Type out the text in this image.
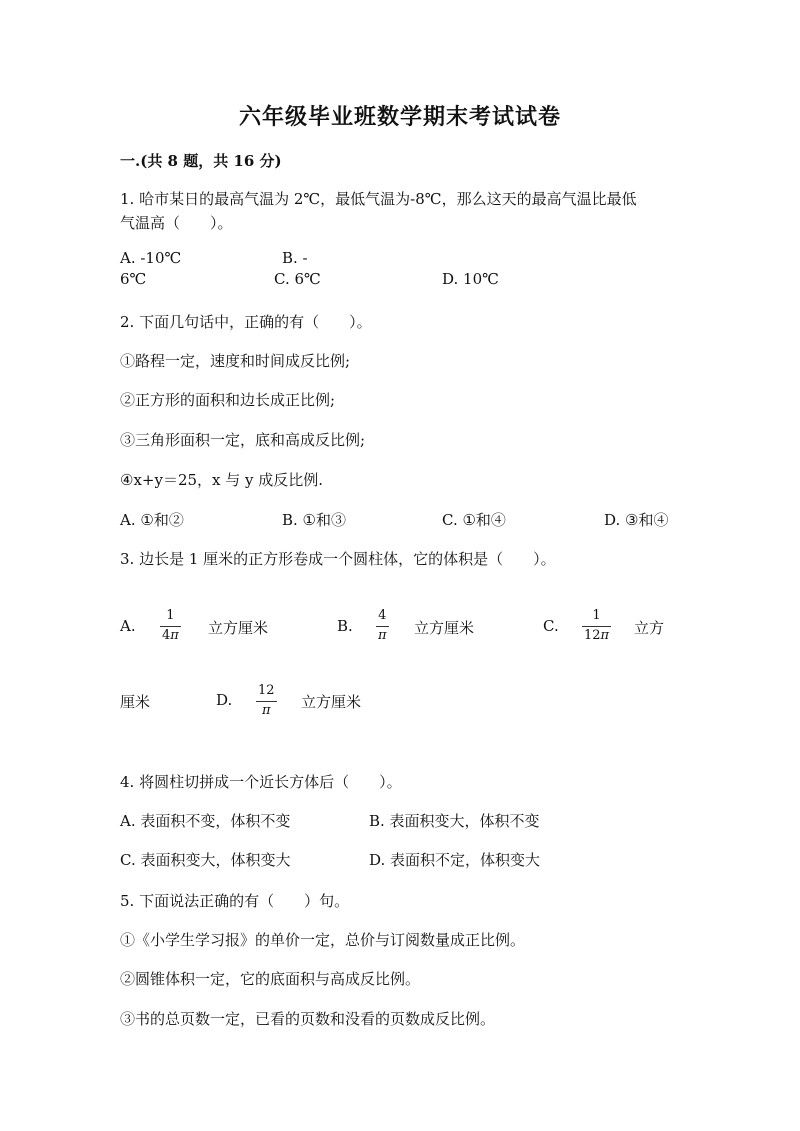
六年级毕业班数学期末考试试卷
一.(共 8 题，共 16 分)
1. 哈市某日的最高气温为 2℃，最低气温为-8℃，那么这天的最高气温比最低
气温高（　　）。
A. -10℃	B. -
6℃	C. 6℃	D. 10℃
2. 下面几句话中，正确的有（　　）。
①路程一定，速度和时间成反比例;
②正方形的面积和边长成正比例;
③三角形面积一定，底和高成反比例;
④x+y＝25，x 与 y 成反比例.
A. ①和②	B. ①和③	C. ①和④	D. ③和④
3. 边长是 1 厘米的正方形卷成一个圆柱体，它的体积是（　　）。
A.
1
4π 立方厘米	B.
4
π 立方厘米	C.
1
12π 立方
厘米	D.
12
π 立方厘米
4. 将圆柱切拼成一个近长方体后（　　）。
A. 表面积不变，体积不变	B. 表面积变大，体积不变
C. 表面积变大，体积变大	D. 表面积不定，体积变大
5. 下面说法正确的有（　　）句。
①《小学生学习报》的单价一定，总价与订阅数量成正比例。
②圆锥体积一定，它的底面积与高成反比例。
③书的总页数一定，已看的页数和没看的页数成反比例。
